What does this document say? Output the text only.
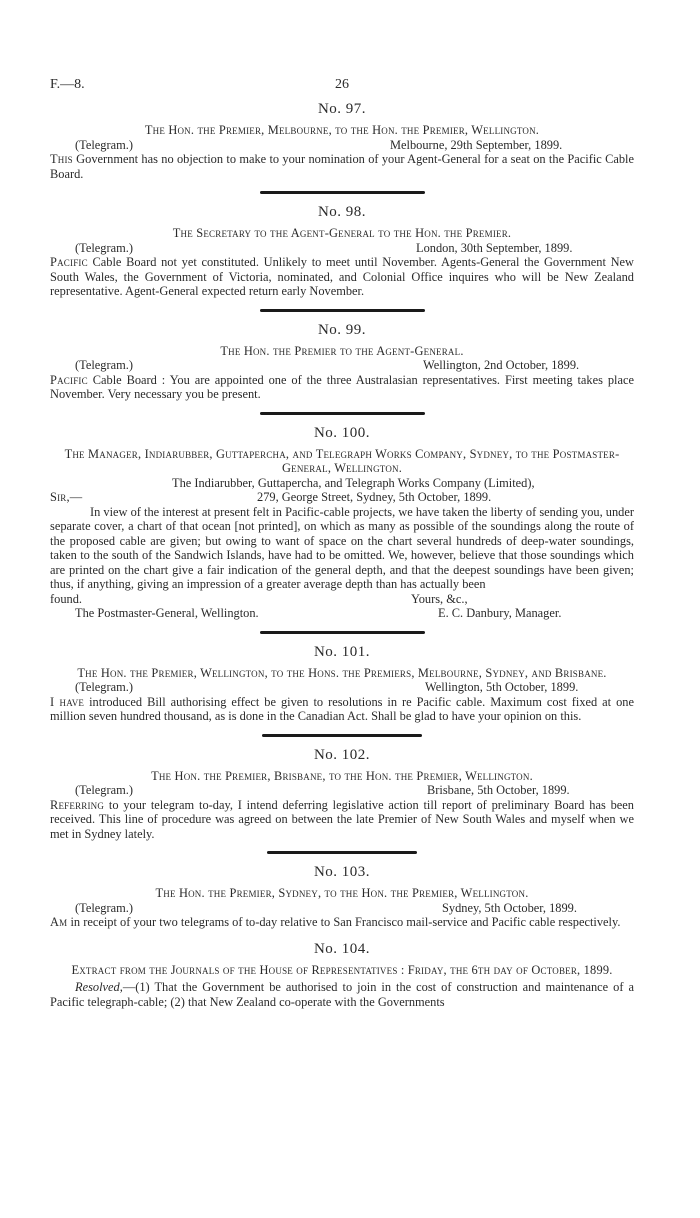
F.—8.	26
No. 97.
The Hon. the Premier, Melbourne, to the Hon. the Premier, Wellington.
(Telegram.)	Melbourne, 29th September, 1899.
This Government has no objection to make to your nomination of your Agent-General for a seat on the Pacific Cable Board.
No. 98.
The Secretary to the Agent-General to the Hon. the Premier.
(Telegram.)	London, 30th September, 1899.
Pacific Cable Board not yet constituted. Unlikely to meet until November. Agents-General the Government New South Wales, the Government of Victoria, nominated, and Colonial Office inquires who will be New Zealand representative. Agent-General expected return early November.
No. 99.
The Hon. the Premier to the Agent-General.
(Telegram.)	Wellington, 2nd October, 1899.
Pacific Cable Board : You are appointed one of the three Australasian representatives. First meeting takes place November. Very necessary you be present.
No. 100.
The Manager, Indiarubber, Guttapercha, and Telegraph Works Company, Sydney, to the Postmaster-General, Wellington.
The Indiarubber, Guttapercha, and Telegraph Works Company (Limited),
Sir,—	279, George Street, Sydney, 5th October, 1899.
In view of the interest at present felt in Pacific-cable projects, we have taken the liberty of sending you, under separate cover, a chart of that ocean [not printed], on which as many as possible of the soundings along the route of the proposed cable are given; but owing to want of space on the chart several hundreds of deep-water soundings, taken to the south of the Sandwich Islands, have had to be omitted. We, however, believe that those soundings which are printed on the chart give a fair indication of the general depth, and that the deepest soundings have been given; thus, if anything, giving an impression of a greater average depth than has actually been
found.	Yours, &c.,
The Postmaster-General, Wellington.	E. C. Danbury, Manager.
No. 101.
The Hon. the Premier, Wellington, to the Hons. the Premiers, Melbourne, Sydney, and Brisbane.
(Telegram.)	Wellington, 5th October, 1899.
I have introduced Bill authorising effect be given to resolutions in re Pacific cable. Maximum cost fixed at one million seven hundred thousand, as is done in the Canadian Act. Shall be glad to have your opinion on this.
No. 102.
The Hon. the Premier, Brisbane, to the Hon. the Premier, Wellington.
(Telegram.)	Brisbane, 5th October, 1899.
Referring to your telegram to-day, I intend deferring legislative action till report of preliminary Board has been received. This line of procedure was agreed on between the late Premier of New South Wales and myself when we met in Sydney lately.
No. 103.
The Hon. the Premier, Sydney, to the Hon. the Premier, Wellington.
(Telegram.)	Sydney, 5th October, 1899.
Am in receipt of your two telegrams of to-day relative to San Francisco mail-service and Pacific cable respectively.
No. 104.
Extract from the Journals of the House of Representatives : Friday, the 6th day of October, 1899.
Resolved,—(1) That the Government be authorised to join in the cost of construction and maintenance of a Pacific telegraph-cable; (2) that New Zealand co-operate with the Governments
